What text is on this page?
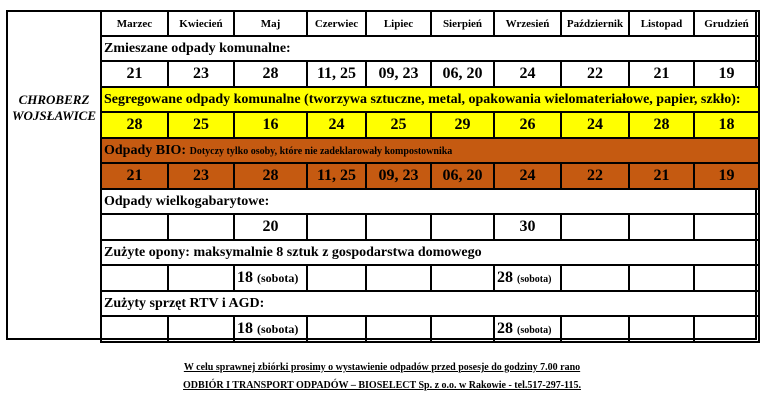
CHROBERZ
WOJSŁAWICE
Marzec	Kwiecień	Maj	Czerwiec	Lipiec	Sierpień	Wrzesień	Październik	Listopad	Grudzień
Zmieszane odpady komunalne:									
21	23	28	11, 25	09, 23	06, 20	24	22	21	19
Segregowane odpady komunalne (tworzywa sztuczne, metal, opakowania wielomateriałowe, papier, szkło):									
28	25	16	24	25	29	26	24	28	18
Odpady BIO: Dotyczy tylko osoby, które nie zadeklarowały kompostownika									
21	23	28	11, 25	09, 23	06, 20	24	22	21	19
Odpady wielkogabarytowe:									
		20				30			
Zużyte opony: maksymalnie 8 sztuk z gospodarstwa domowego									
		18 (sobota)				28 (sobota)			
Zużyty sprzęt RTV i AGD:									
		18 (sobota)				28 (sobota)			
W celu sprawnej zbiórki prosimy o wystawienie odpadów przed posesje do godziny 7.00 rano
ODBIÓR I TRANSPORT ODPADÓW – BIOSELECT Sp. z o.o. w Rakowie - tel.517-297-115.
